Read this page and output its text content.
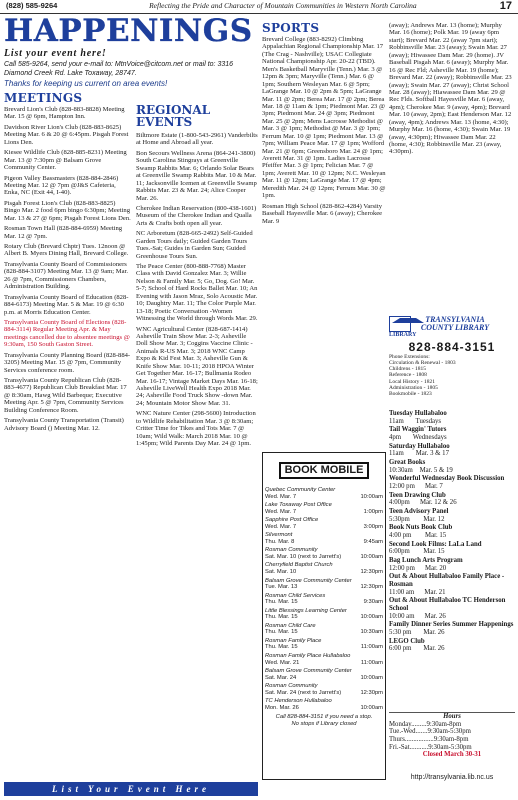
(828) 585-9264	Reflecting the Pride and Character of Mountain Communities in Western North Carolina	17
HAPPENINGS
List your event here!
Call 585-9264, send your e-mail to: MtnVoice@citcom.net or mail to: 3316 Diamond Creek Rd. Lake Toxaway, 28747.
Thanks for keeping us current on area events!
MEETINGS
Brevard Lion's Club (828-883-8828) Meeting Mar. 15 @ 6pm, Hampton Inn.
Davidson River Lion's Club (828-883-8625) Meeting Mar. 6 & 20 @ 6:45pm. Pisgah Forest Lions Den.
Kiesee Wildlife Club (828-885-8231) Meeting Mar. 13 @ 7:30pm @ Balsam Grove Community Center.
Pigeon Valley Bassmasters (828-884-2846) Meeting Mar. 12 @ 7pm @J&S Cafeteria, Enka, NC (Exit 44, I-40).
Pisgah Forest Lion's Club (828-883-8825) Bingo Mar. 2 food 6pm bingo 6:30pm; Meeting Mar. 13 & 27 @ 6pm; Pisgah Forest Lions Den.
Rosman Town Hall (828-884-6959) Meeting Mar. 12 @ 7pm.
Rotary Club (Brevard Chptr) Tues. 12noon @ Albert B. Myers Dining Hall, Brevard College.
Transylvania County Board of Commissioners (828-884-3107) Meeting Mar. 13 @ 9am; Mar. 26 @ 7pm, Commissioners Chambers, Administration Building.
Transylvania County Board of Education (828-884-6173) Meeting Mar. 5 & Mar. 19 @ 6:30 p.m. at Morris Education Center.
Transylvania County Board of Elections (828-884-3114) Regular Meeting Apr. & May meetings cancelled due to absentee meetings @ 9:30am, 150 South Gaston Street.
Transylvania County Planning Board (828-884-3205) Meeting Mar. 15 @ 7pm, Community Services conference room.
Transylvania County Republican Club (828-883-4677) Republican Club Breakfast Mar. 17 @ 8:30am, Hawg Wild Barbeque; Executive Meeting Apr. 5 @ 7pm, Community Services Building Conference Room.
Transylvania County Transportation (Transit) Advisory Board () Meeting Mar. 12.
REGIONAL EVENTS
Biltmore Estate (1-800-543-2961) Vanderbilts at Home and Abroad all year.
Bon Secours Wellness Arena (864-241-3800) South Carolina Stingrays at Greenville Swamp Rabbits Mar. 6; Orlando Solar Bears at Greenville Swamp Rabbits Mar. 10 & Mar. 11; Jacksonville Icemen at Greenville Swamp Rabbits Mar. 23 & Mar. 24; Alice Cooper Mar. 26.
Cherokee Indian Reservation (800-438-1601) Museum of the Cherokee Indian and Qualla Arts & Crafts both open all year.
NC Arboretum (828-665-2492) Self-Guided Garden Tours daily; Guided Garden Tours Tues.-Sat; Guides in Garden Sun; Guided Greenhouse Tours Sun.
The Peace Center (800-888-7768) Master Class with David Gonzalez Mar. 3; Willie Nelson & Family Mar. 5; Go, Dog. Go! Mar. 5-7; School of Hard Rocks Ballet Mar. 10; An Evening with Jason Mraz, Solo Acoustic Mar. 10; Daughtry Mar. 11; The Color Purple Mar. 13-18; Poetic Conversation -Women Witnessing the World through Words Mar. 29.
WNC Agricultural Center (828-687-1414) Asheville Train Show Mar. 2-3; Asheville Doll Show Mar. 3; Coggins Vaccine Clinic - Animals R-US Mar. 3; 2018 WNC Camp Expo & Kid Fest Mar. 3; Asheville Gun & Knife Show Mar. 10-11; 2018 HPOA Winter Get Together Mar. 16-17; Bullmania Rodeo Mar. 16-17; Vintage Market Days Mar. 16-18; Asheville LiveWell Health Expo 2018 Mar. 24; Asheville Food Truck Show -down Mar. 24; Mountain Motor Show Mar. 31.
WNC Nature Center (298-5600) Introduction to Wildlife Rehabilitation Mar. 3 @ 8:30am; Critter Time for Tikes and Tots Mar. 7 @ 10am; Wild Walk: March 2018 Mar. 10 @ 1:45pm; Wild Parents Day Mar. 24 @ 1pm.
SPORTS
Brevard College (883-8292) Climbing Appalachian Regional Championship Mar. 17 (The Crag - Nashville); USAC Collegiate National Championship Apr. 20-22 (TBD). Men's Basketball Maryville (Tenn.) Mar. 3 @ 12pm & 3pm; Maryville (Tenn.) Mar. 6 @ 1pm; Southern Wesleyan Mar. 6 @ 5pm; LaGrange Mar. 10 @ 2pm & 5pm; LaGrange Mar. 11 @ 2pm; Berea Mar. 17 @ 2pm; Berea Mar. 18 @ 11am & 1pm; Piedmont Mar. 23 @ 3pm; Piedmont Mar. 24 @ 3pm; Piedmont Mar. 25 @ 2pm; Mens Lacrosse Methodist @ Mar. 3 @ 1pm; Methodist @ Mar. 3 @ 1pm; Ferrum Mar. 10 @ 1pm; Piedmont Mar. 13 @ 7pm; William Peace Mar. 17 @ 1pm; Wofford Mar. 21 @ 6pm; Greensboro Mar. 24 @ 1pm; Averett Mar. 31 @ 1pm. Ladies Lacrosse Pfeiffer Mar. 3 @ 1pm; Felician Mar. 7 @ 1pm; Averett Mar. 10 @ 12pm; N.C. Wesleyan Mar. 11 @ 12pm; LaGrange Mar. 17 @ 4pm; Meredith Mar. 24 @ 12pm; Ferrum Mar. 30 @ 1pm.
Rosman High School (828-862-4284) Varsity Baseball Hayesville Mar. 6 (away); Cherokee Mar. 9
(away); Andrews Mar. 13 (home); Murphy Mar. 16 (home); Polk Mar. 19 (away 6pm start); Brevard Mar. 22 (away 7pm start); Robbinsville Mar. 23 (away); Swain Mar. 27 (away); Hiwassee Dam Mar. 29 (home). JV Baseball Pisgah Mar. 6 (away); Murphy Mar. 16 @ Rec Fld; Asheville Mar. 19 (home); Brevard Mar. 22 (away); Robbinsville Mar. 23 (away); Swain Mar. 27 (away); Christ School Mar. 28 (away); Hiawassee Dam Mar. 29 @ Rec Flds. Softball Hayesville Mar. 6 (away, 4pm); Cherokee Mar. 9 (away, 4pm); Brevard Mar. 10 (away, 2pm); East Henderson Mar. 12 (away, 4pm); Andrews Mar. 13 (home, 4:30); Murphy Mar. 16 (home, 4:30); Swain Mar. 19 (away, 4:30pm); Hiwassee Dam Mar. 22 (home, 4:30); Robbinsville Mar. 23 (away, 4:30pm).
TRANSYLVANIA COUNTY LIBRARY
LIBRARY
828-884-3151
Phone Extensions:
Circulation & Renewal - 1803
Childrens - 1815
Reference - 1808
Local History - 1821
Administration - 1805
Bookmobile - 1823
Tuesday Hullabaloo
11am       Tuesdays
Tail Waggin' Tutors
4pm       Wednesdays
Saturday Hullabaloo
11am       Mar. 3 & 17
Great Books
10:30am    Mar. 5 & 19
Wonderful Wednesday Book Discussion
12:00 pm      Mar. 7
Teen Drawing Club
4:00pm      Mar. 12 & 26
Teen Advisory Panel
5:30pm        Mar. 12
Book Nuts Book Club
4:00 pm        Mar. 15
Second Look Films: LaLa Land
6:00pm        Mar. 15
Bag Lunch Arts Program
12:00 pm      Mar. 20
Out & About Hullabaloo Family Place - Rosman
11:00 am      Mar. 21
Out & About Hullabaloo TC Henderson School
10:00 am      Mar. 26
Family Dinner Series Summer Happenings
5:30 pm       Mar. 26
LEGO Club
6:00 pm       Mar. 26
Hours
Monday.........9:30am-8pm
Tue.-Wed.......9:30am-5:30pm
Thurs.................9:30am-8pm
Fri.-Sat...........9:30am-5:30pm
Closed March 30-31
http://transylvania.lib.nc.us
BOOK MOBILE
Quebec Community Center
Wed. Mar. 7	10:00am
Lake Toxaway Post Office
Wed. Mar. 7	1:00pm
Sapphire Post Office
Wed. Mar. 7	3:00pm
Silvermont
Thu. Mar. 8	9:45am
Rosman Community
Sat. Mar. 10 (next to Jarrett's)	10:00am
Cherryfield Baptist Church
Sat. Mar. 10	12:30pm
Balsam Grove Community Center
Tue. Mar. 13	12:30pm
Rosman Child Services
Thu. Mar. 15	9:30am
Little Blessings Learning Center
Thu. Mar. 15	10:00am
Rosman Child Care
Thu. Mar. 15	10:30am
Rosman Family Place
Thu. Mar. 15	11:00am
Rosman Family Place Hullabaloo
Wed. Mar. 21	11:00am
Balsam Grove Community Center
Sat. Mar. 24	10:00am
Rosman Community
Sat. Mar. 24 (next to Jarrett's)	12:30pm
TC Henderson Hullabaloo
Mon. Mar. 26	10:00am
Call 828-884-3151 if you need a stop.
No stops if Library closed
List Your Event Here
